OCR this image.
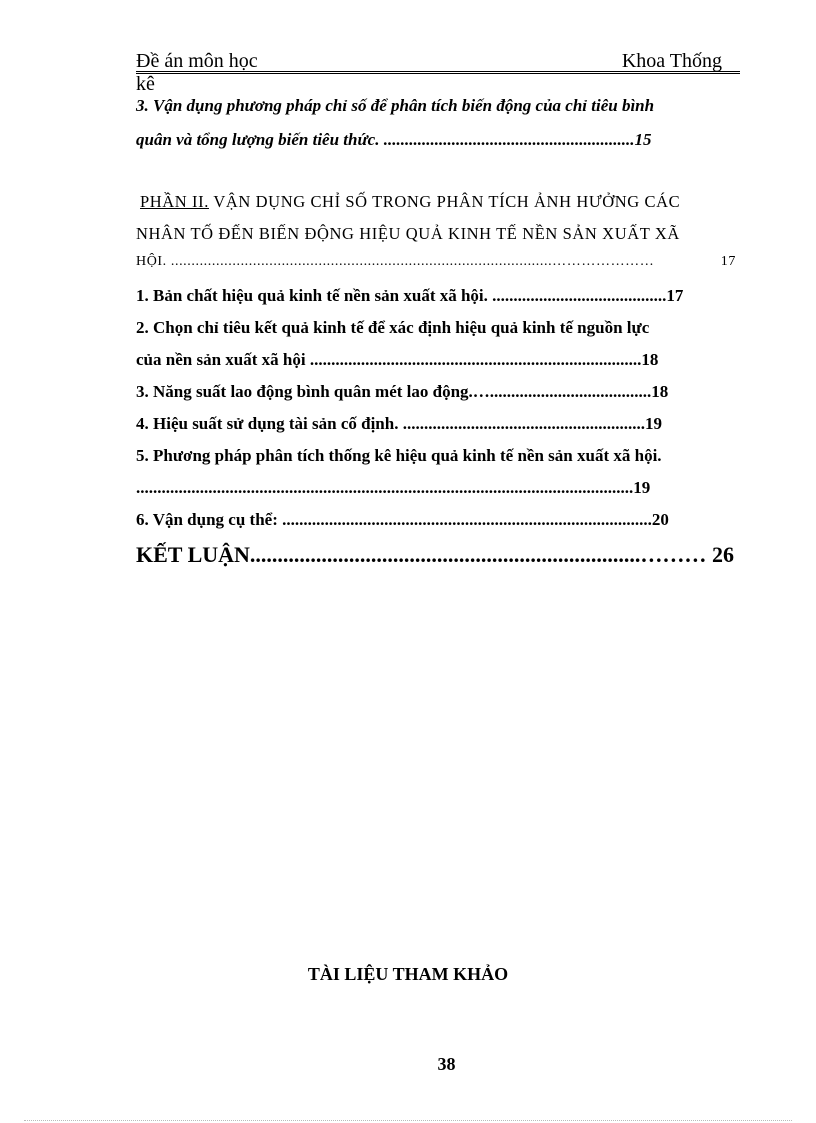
Đề án môn học	Khoa Thống
kê
3. Vận dụng phương pháp chỉ số để phân tích biến động của chỉ tiêu bình
quân và tổng lượng biến tiêu thức. ...........................................................15
PHẦN II. VẬN DỤNG CHỈ SỐ TRONG PHÂN TÍCH ẢNH HƯỞNG CÁC
NHÂN TỐ ĐẾN BIẾN ĐỘNG HIỆU QUẢ KINH TẾ NỀN SẢN XUẤT XÃ
HỘI. .............................................................................................…………………	17
1. Bản chất hiệu quả kinh tế nền sản xuất xã hội. .........................................17
2. Chọn chỉ tiêu kết quả kinh tế để xác định hiệu quả kinh tế nguồn lực
của nền sản xuất xã hội ..............................................................................18
3. Năng suất lao động bình quân mét lao động.…......................................18
4. Hiệu suất sử dụng tài sản cố định. .........................................................19
5. Phương pháp phân tích thống kê hiệu quả kinh tế nền sản xuất xã hội.
.....................................................................................................................19
6. Vận dụng cụ thể: .......................................................................................20
KẾT LUẬN.......................................................................……… 26
TÀI LIỆU THAM KHẢO
38
